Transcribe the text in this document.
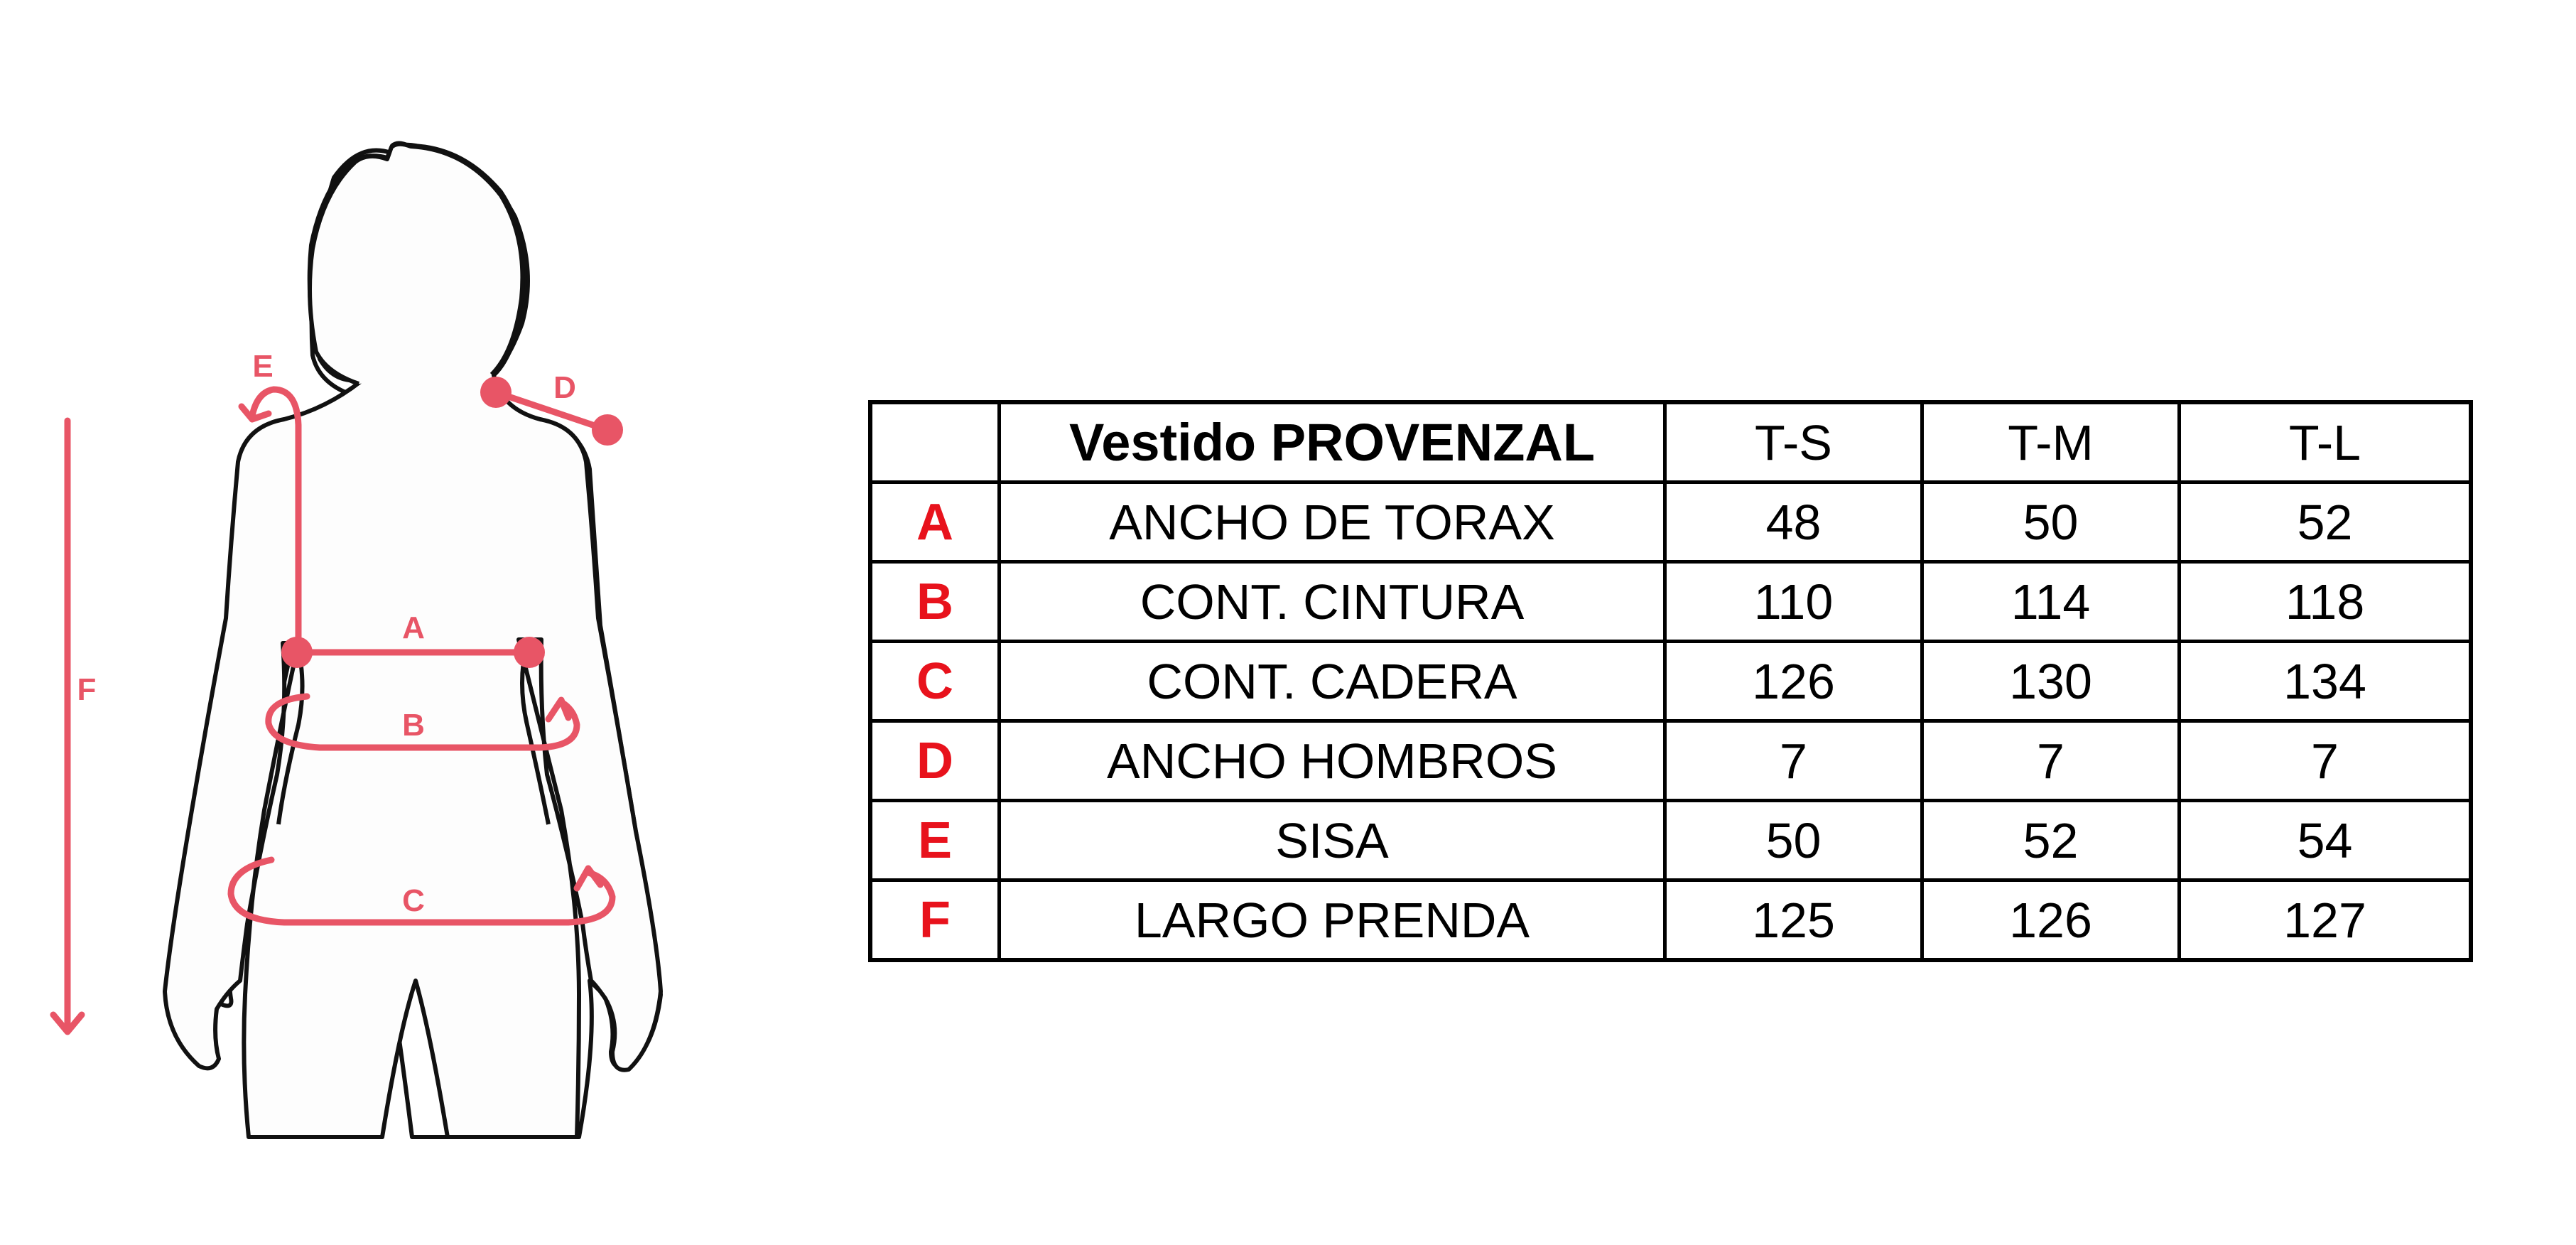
E
D
F
A
B
C
	Vestido PROVENZAL	T-S	T-M	T-L
A	ANCHO DE TORAX	48	50	52
B	CONT. CINTURA	110	114	118
C	CONT. CADERA	126	130	134
D	ANCHO HOMBROS	7	7	7
E	SISA	50	52	54
F	LARGO PRENDA	125	126	127
